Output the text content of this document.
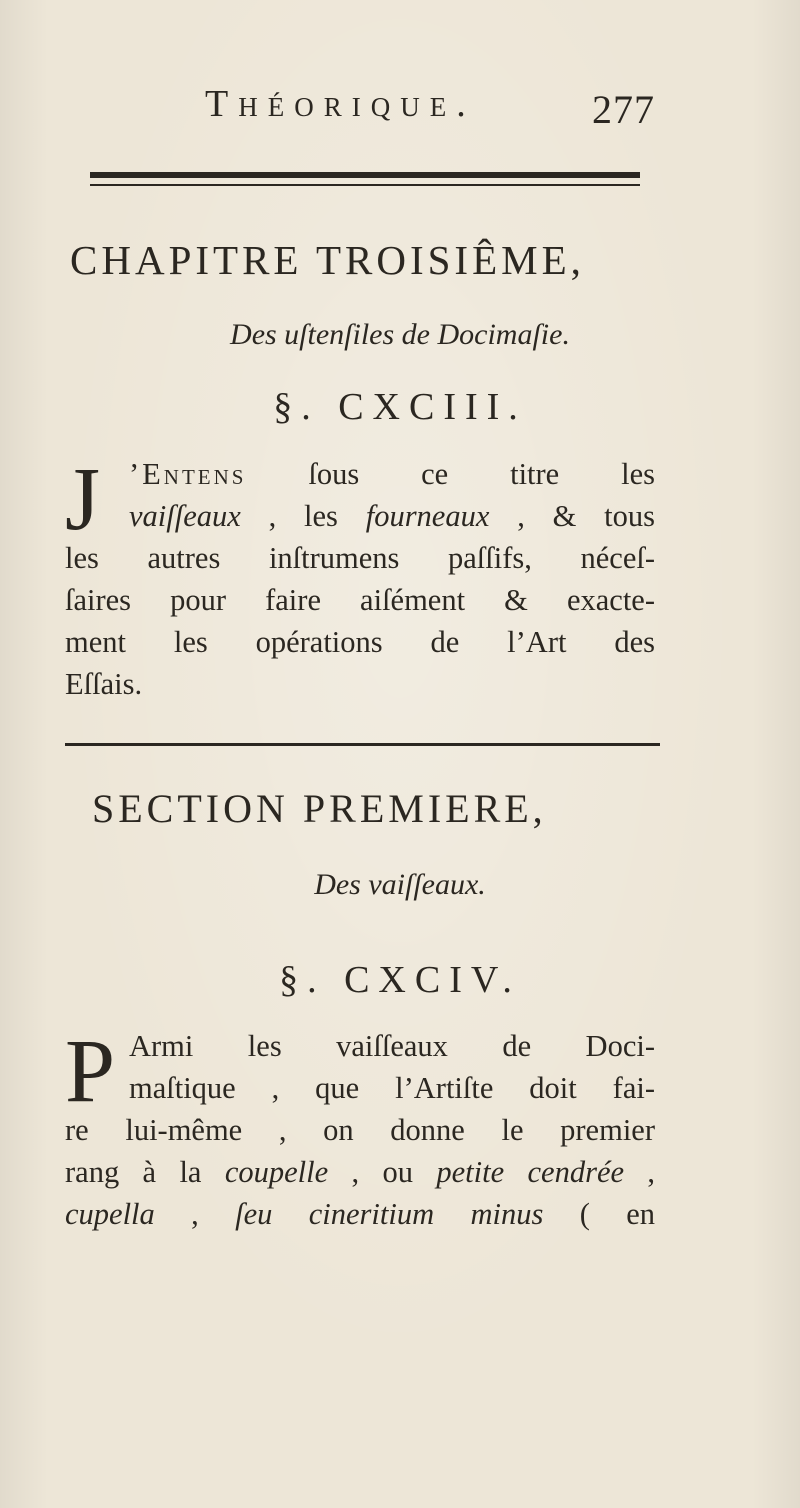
Théorique.	277
CHAPITRE TROISIÊME,
Des uſtenſiles de Docimaſie.
§. CXCIII.
J ’Entens ſous ce titre les
vaiſſeaux , les fourneaux , & tous
les autres inſtrumens paſſifs, néceſ-
ſaires pour faire aiſément & exacte-
ment les opérations de l’Art des
Eſſais.
SECTION PREMIERE,
Des vaiſſeaux.
§. CXCIV.
P Armi les vaiſſeaux de Doci-
maſtique , que l’Artiſte doit fai-
re lui-même , on donne le premier
rang à la coupelle , ou petite cendrée ,
cupella , ſeu cineritium minus ( en
